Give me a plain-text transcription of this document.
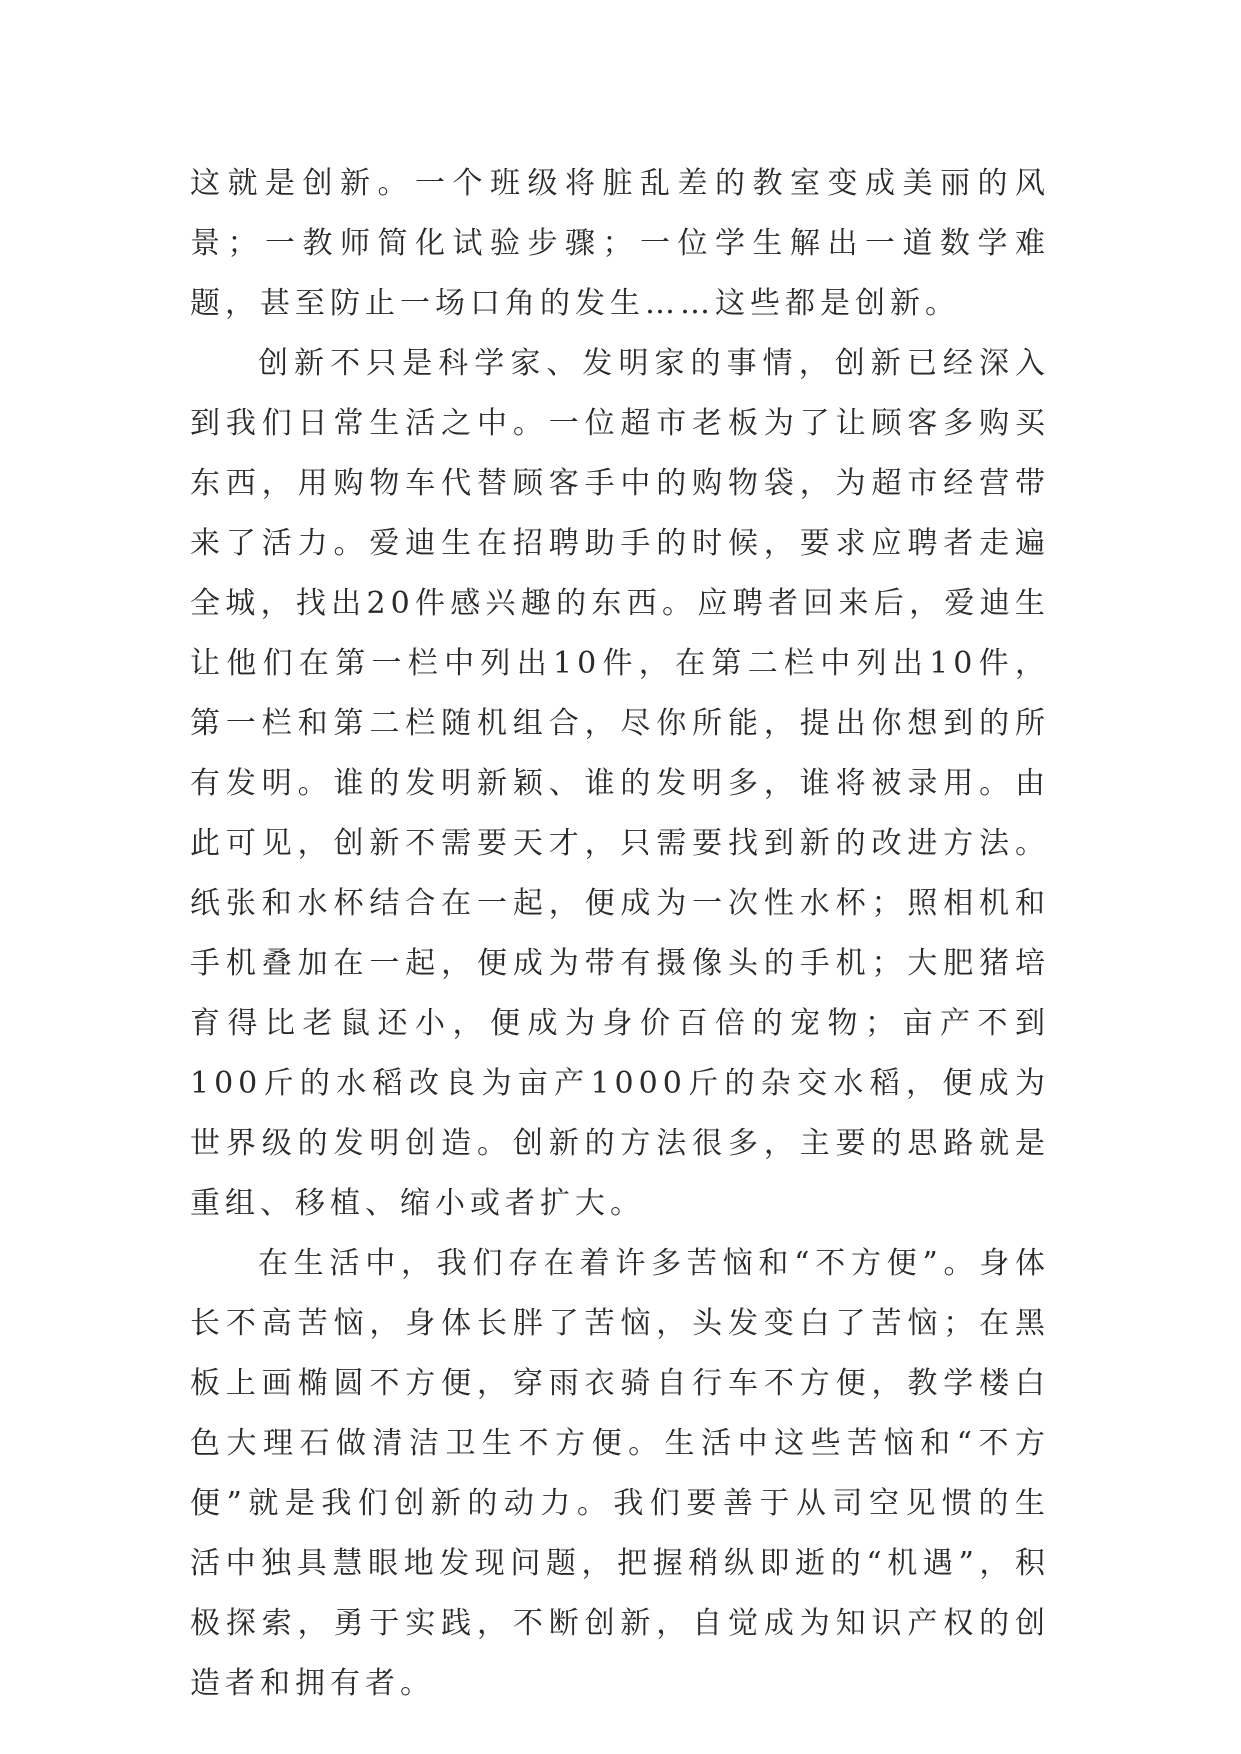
这就是创新。一个班级将脏乱差的教室变成美丽的风景；一教师简化试验步骤；一位学生解出一道数学难题，甚至防止一场口角的发生……这些都是创新。

创新不只是科学家、发明家的事情，创新已经深入到我们日常生活之中。一位超市老板为了让顾客多购买东西，用购物车代替顾客手中的购物袋，为超市经营带来了活力。爱迪生在招聘助手的时候，要求应聘者走遍全城，找出20件感兴趣的东西。应聘者回来后，爱迪生让他们在第一栏中列出10件，在第二栏中列出10件，第一栏和第二栏随机组合，尽你所能，提出你想到的所有发明。谁的发明新颖、谁的发明多，谁将被录用。由此可见，创新不需要天才，只需要找到新的改进方法。纸张和水杯结合在一起，便成为一次性水杯；照相机和手机叠加在一起，便成为带有摄像头的手机；大肥猪培育得比老鼠还小，便成为身价百倍的宠物；亩产不到100斤的水稻改良为亩产1000斤的杂交水稻，便成为世界级的发明创造。创新的方法很多，主要的思路就是重组、移植、缩小或者扩大。

在生活中，我们存在着许多苦恼和“不方便”。身体长不高苦恼，身体长胖了苦恼，头发变白了苦恼；在黑板上画椭圆不方便，穿雨衣骑自行车不方便，教学楼白色大理石做清洁卫生不方便。生活中这些苦恼和“不方便”就是我们创新的动力。我们要善于从司空见惯的生活中独具慧眼地发现问题，把握稍纵即逝的“机遇”，积极探索，勇于实践，不断创新，自觉成为知识产权的创造者和拥有者。
